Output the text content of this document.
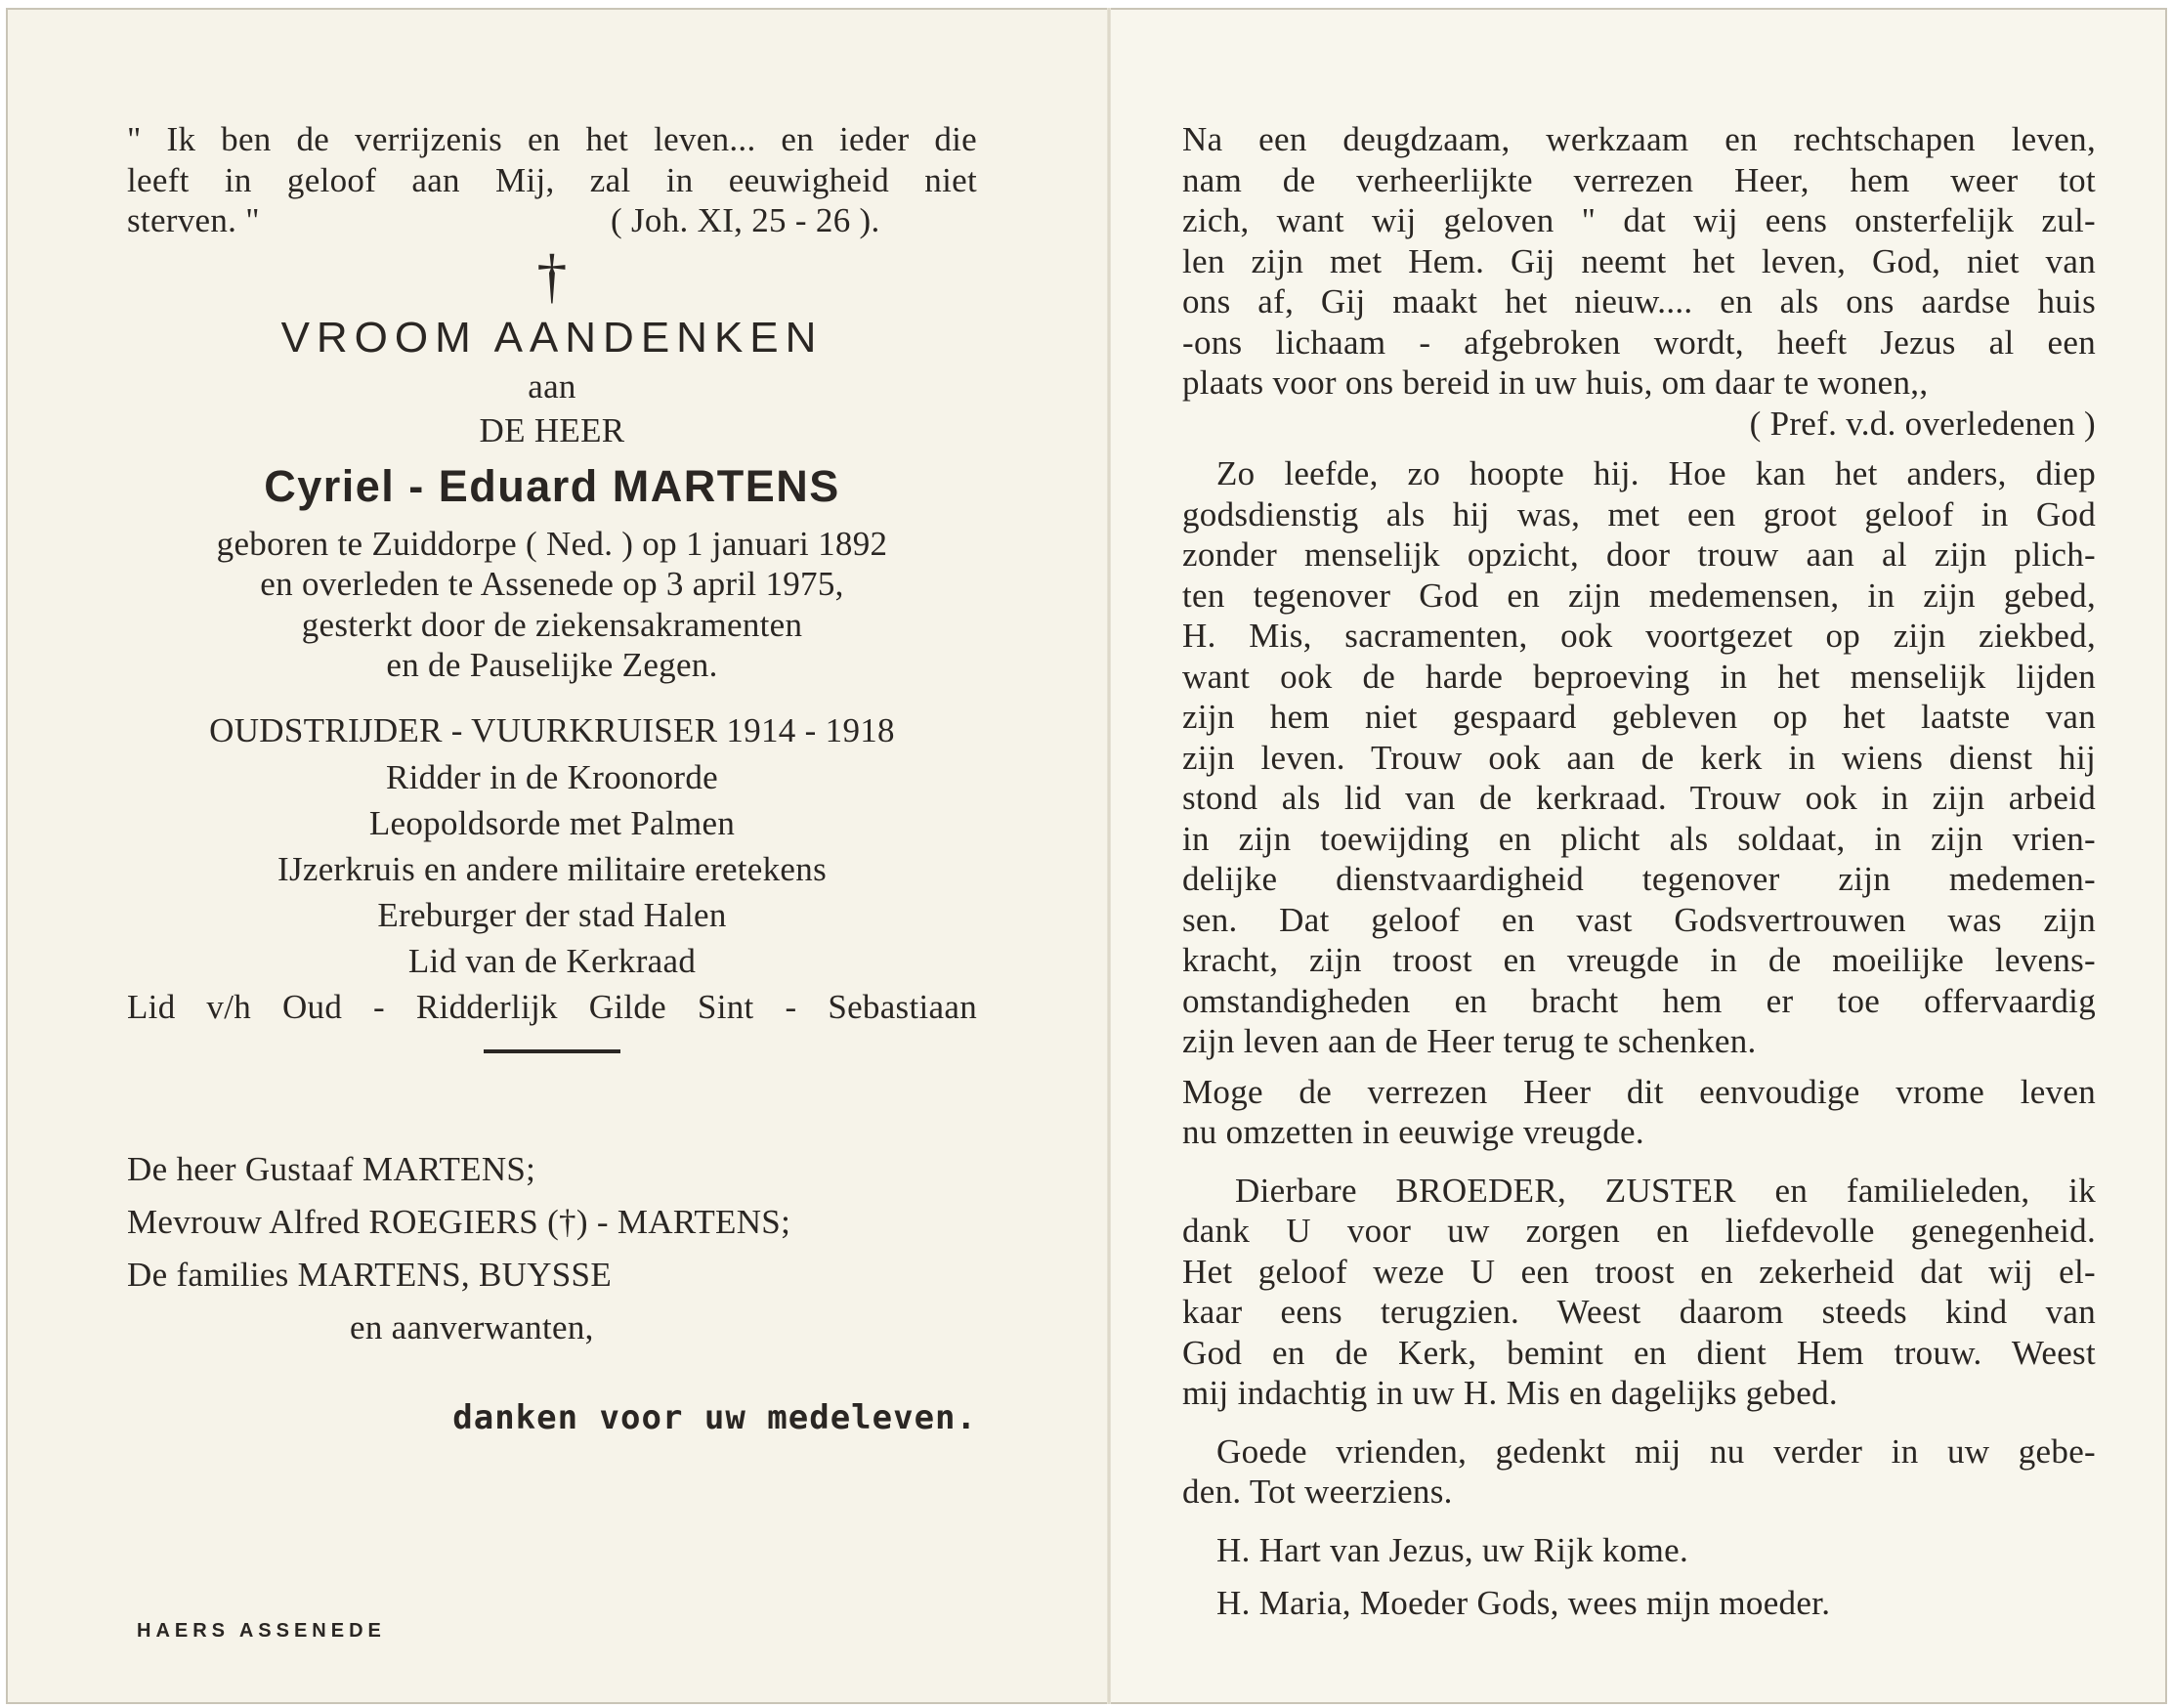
" Ik ben de verrijzenis en het leven... en ieder die
leeft in geloof aan Mij, zal in eeuwigheid niet
sterven. "	( Joh. XI, 25 - 26 ).
†
VROOM AANDENKEN
aan
DE HEER
Cyriel - Eduard MARTENS
geboren te Zuiddorpe ( Ned. ) op 1 januari 1892
en overleden te Assenede op 3 april 1975,
gesterkt door de ziekensakramenten
en de Pauselijke Zegen.
OUDSTRIJDER - VUURKRUISER 1914 - 1918
Ridder in de Kroonorde
Leopoldsorde met Palmen
IJzerkruis en andere militaire eretekens
Ereburger der stad Halen
Lid van de Kerkraad
Lid v/h Oud - Ridderlijk Gilde Sint - Sebastiaan
De heer Gustaaf MARTENS;
Mevrouw Alfred ROEGIERS (†) - MARTENS;
De families MARTENS, BUYSSE
en aanverwanten,
danken voor uw medeleven.
HAERS ASSENEDE
Na een deugdzaam, werkzaam en rechtschapen leven,
nam de verheerlijkte verrezen Heer, hem weer tot
zich, want wij geloven " dat wij eens onsterfelijk zul-
len zijn met Hem. Gij neemt het leven, God, niet van
ons af, Gij maakt het nieuw.... en als ons aardse huis
-ons lichaam - afgebroken wordt, heeft Jezus al een
plaats voor ons bereid in uw huis, om daar te wonen,,
( Pref. v.d. overledenen )
Zo leefde, zo hoopte hij. Hoe kan het anders, diep
godsdienstig als hij was, met een groot geloof in God
zonder menselijk opzicht, door trouw aan al zijn plich-
ten tegenover God en zijn medemensen, in zijn gebed,
H. Mis, sacramenten, ook voortgezet op zijn ziekbed,
want ook de harde beproeving in het menselijk lijden
zijn hem niet gespaard gebleven op het laatste van
zijn leven. Trouw ook aan de kerk in wiens dienst hij
stond als lid van de kerkraad. Trouw ook in zijn arbeid
in zijn toewijding en plicht als soldaat, in zijn vrien-
delijke dienstvaardigheid tegenover zijn medemen-
sen. Dat geloof en vast Godsvertrouwen was zijn
kracht, zijn troost en vreugde in de moeilijke levens-
omstandigheden en bracht hem er toe offervaardig
zijn leven aan de Heer terug te schenken.
Moge de verrezen Heer dit eenvoudige vrome leven
nu omzetten in eeuwige vreugde.
Dierbare BROEDER, ZUSTER en familieleden, ik
dank U voor uw zorgen en liefdevolle genegenheid.
Het geloof weze U een troost en zekerheid dat wij el-
kaar eens terugzien. Weest daarom steeds kind van
God en de Kerk, bemint en dient Hem trouw. Weest
mij indachtig in uw H. Mis en dagelijks gebed.
Goede vrienden, gedenkt mij nu verder in uw gebe-
den. Tot weerziens.
H. Hart van Jezus, uw Rijk kome.
H. Maria, Moeder Gods, wees mijn moeder.
